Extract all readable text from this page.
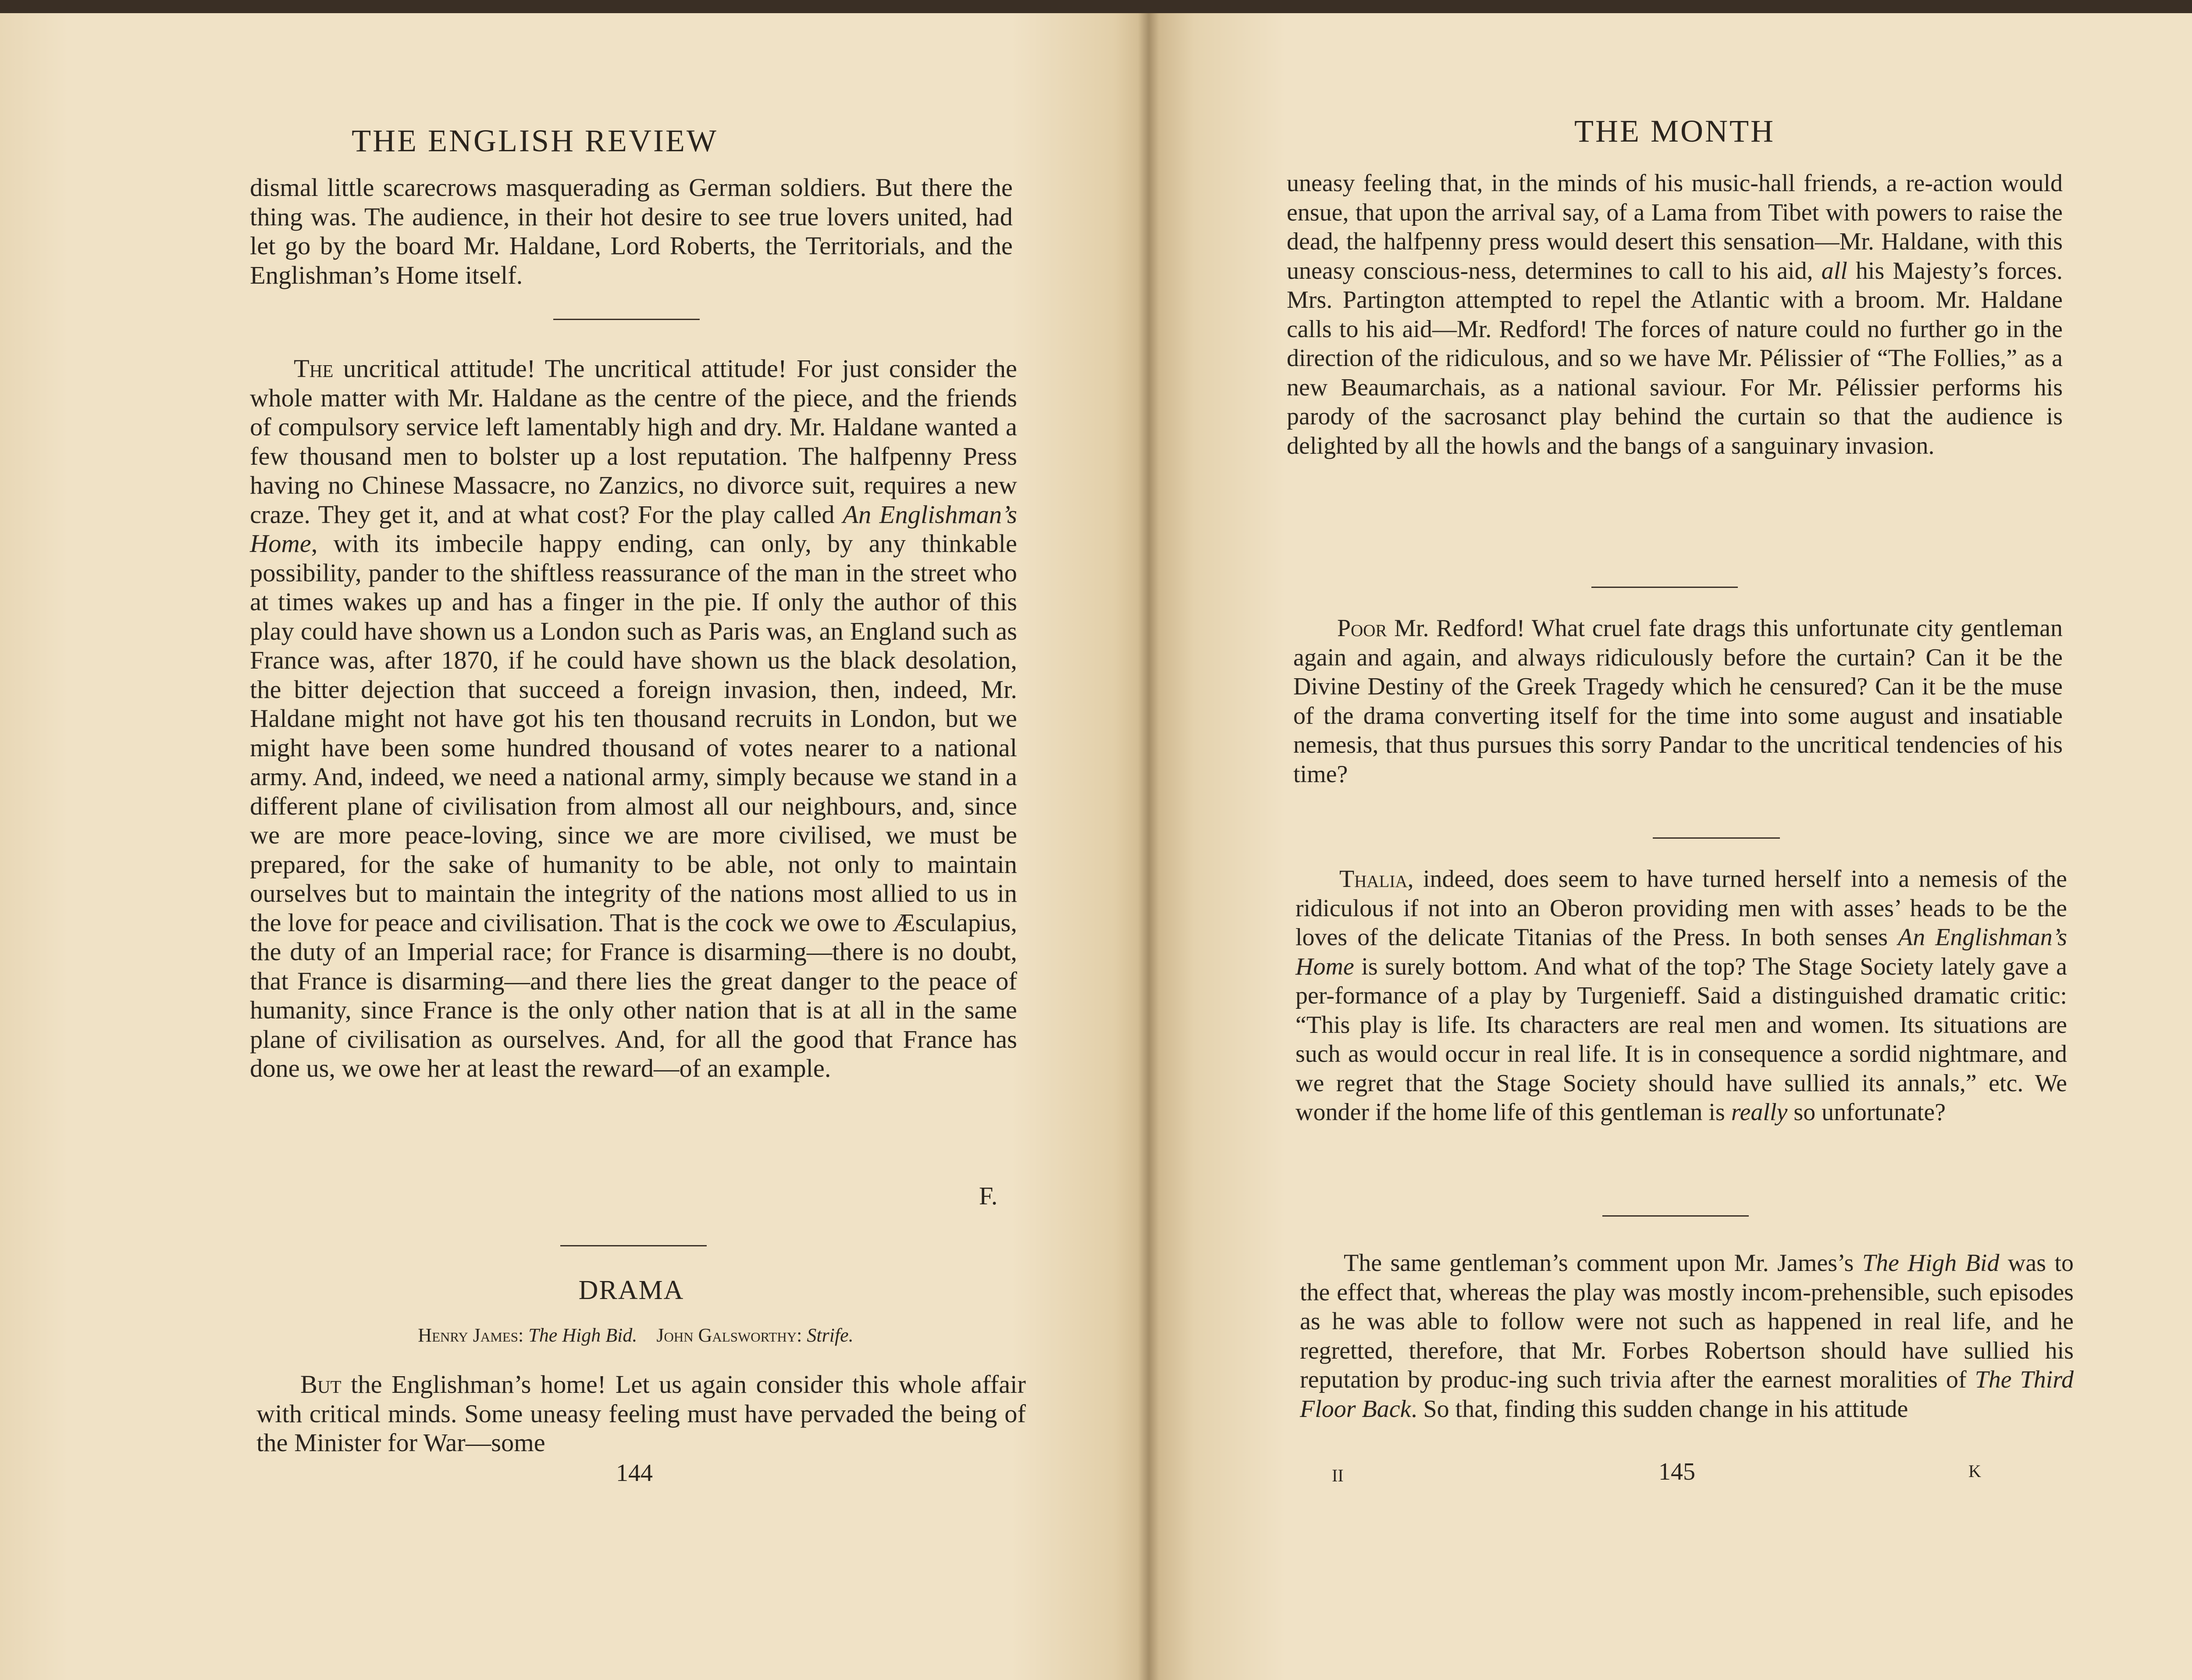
THE ENGLISH REVIEW

dismal little scarecrows masquerading as German soldiers. But there the thing was. The audience, in their hot desire to see true lovers united, had let go by the board Mr. Haldane, Lord Roberts, the Territorials, and the Englishman’s Home itself.

The uncritical attitude! The uncritical attitude! For just consider the whole matter with Mr. Haldane as the centre of the piece, and the friends of compulsory service left lamentably high and dry. Mr. Haldane wanted a few thousand men to bolster up a lost reputation. The halfpenny Press having no Chinese Massacre, no Zanzics, no divorce suit, requires a new craze. They get it, and at what cost? For the play called An Englishman’s Home, with its imbecile happy ending, can only, by any thinkable possibility, pander to the shiftless reassurance of the man in the street who at times wakes up and has a finger in the pie. If only the author of this play could have shown us a London such as Paris was, an England such as France was, after 1870, if he could have shown us the black desolation, the bitter dejection that succeed a foreign invasion, then, indeed, Mr. Haldane might not have got his ten thousand recruits in London, but we might have been some hundred thousand of votes nearer to a national army. And, indeed, we need a national army, simply because we stand in a different plane of civilisation from almost all our neighbours, and, since we are more peace-loving, since we are more civilised, we must be prepared, for the sake of humanity to be able, not only to maintain ourselves but to maintain the integrity of the nations most allied to us in the love for peace and civilisation. That is the cock we owe to Æsculapius, the duty of an Imperial race; for France is disarming—there is no doubt, that France is disarming—and there lies the great danger to the peace of humanity, since France is the only other nation that is at all in the same plane of civilisation as ourselves. And, for all the good that France has done us, we owe her at least the reward—of an example.

F.
DRAMA

Henry James: The High Bid. John Galsworthy: Strife.

But the Englishman’s home! Let us again consider this whole affair with critical minds. Some uneasy feeling must have pervaded the being of the Minister for War—some

144

THE MONTH

uneasy feeling that, in the minds of his music-hall friends, a re-action would ensue, that upon the arrival say, of a Lama from Tibet with powers to raise the dead, the halfpenny press would desert this sensation—Mr. Haldane, with this uneasy conscious-ness, determines to call to his aid, all his Majesty’s forces. Mrs. Partington attempted to repel the Atlantic with a broom. Mr. Haldane calls to his aid—Mr. Redford! The forces of nature could no further go in the direction of the ridiculous, and so we have Mr. Pélissier of “The Follies,” as a new Beaumarchais, as a national saviour. For Mr. Pélissier performs his parody of the sacrosanct play behind the curtain so that the audience is delighted by all the howls and the bangs of a sanguinary invasion.

Poor Mr. Redford! What cruel fate drags this unfortunate city gentleman again and again, and always ridiculously before the curtain? Can it be the Divine Destiny of the Greek Tragedy which he censured? Can it be the muse of the drama converting itself for the time into some august and insatiable nemesis, that thus pursues this sorry Pandar to the uncritical tendencies of his time?

Thalia, indeed, does seem to have turned herself into a nemesis of the ridiculous if not into an Oberon providing men with asses’ heads to be the loves of the delicate Titanias of the Press. In both senses An Englishman’s Home is surely bottom. And what of the top? The Stage Society lately gave a per-formance of a play by Turgenieff. Said a distinguished dramatic critic: “This play is life. Its characters are real men and women. Its situations are such as would occur in real life. It is in consequence a sordid nightmare, and we regret that the Stage Society should have sullied its annals,” etc. We wonder if the home life of this gentleman is really so unfortunate?

The same gentleman’s comment upon Mr. James’s The High Bid was to the effect that, whereas the play was mostly incom-prehensible, such episodes as he was able to follow were not such as happened in real life, and he regretted, therefore, that Mr. Forbes Robertson should have sullied his reputation by produc-ing such trivia after the earnest moralities of The Third Floor Back. So that, finding this sudden change in his attitude

II	145	K
